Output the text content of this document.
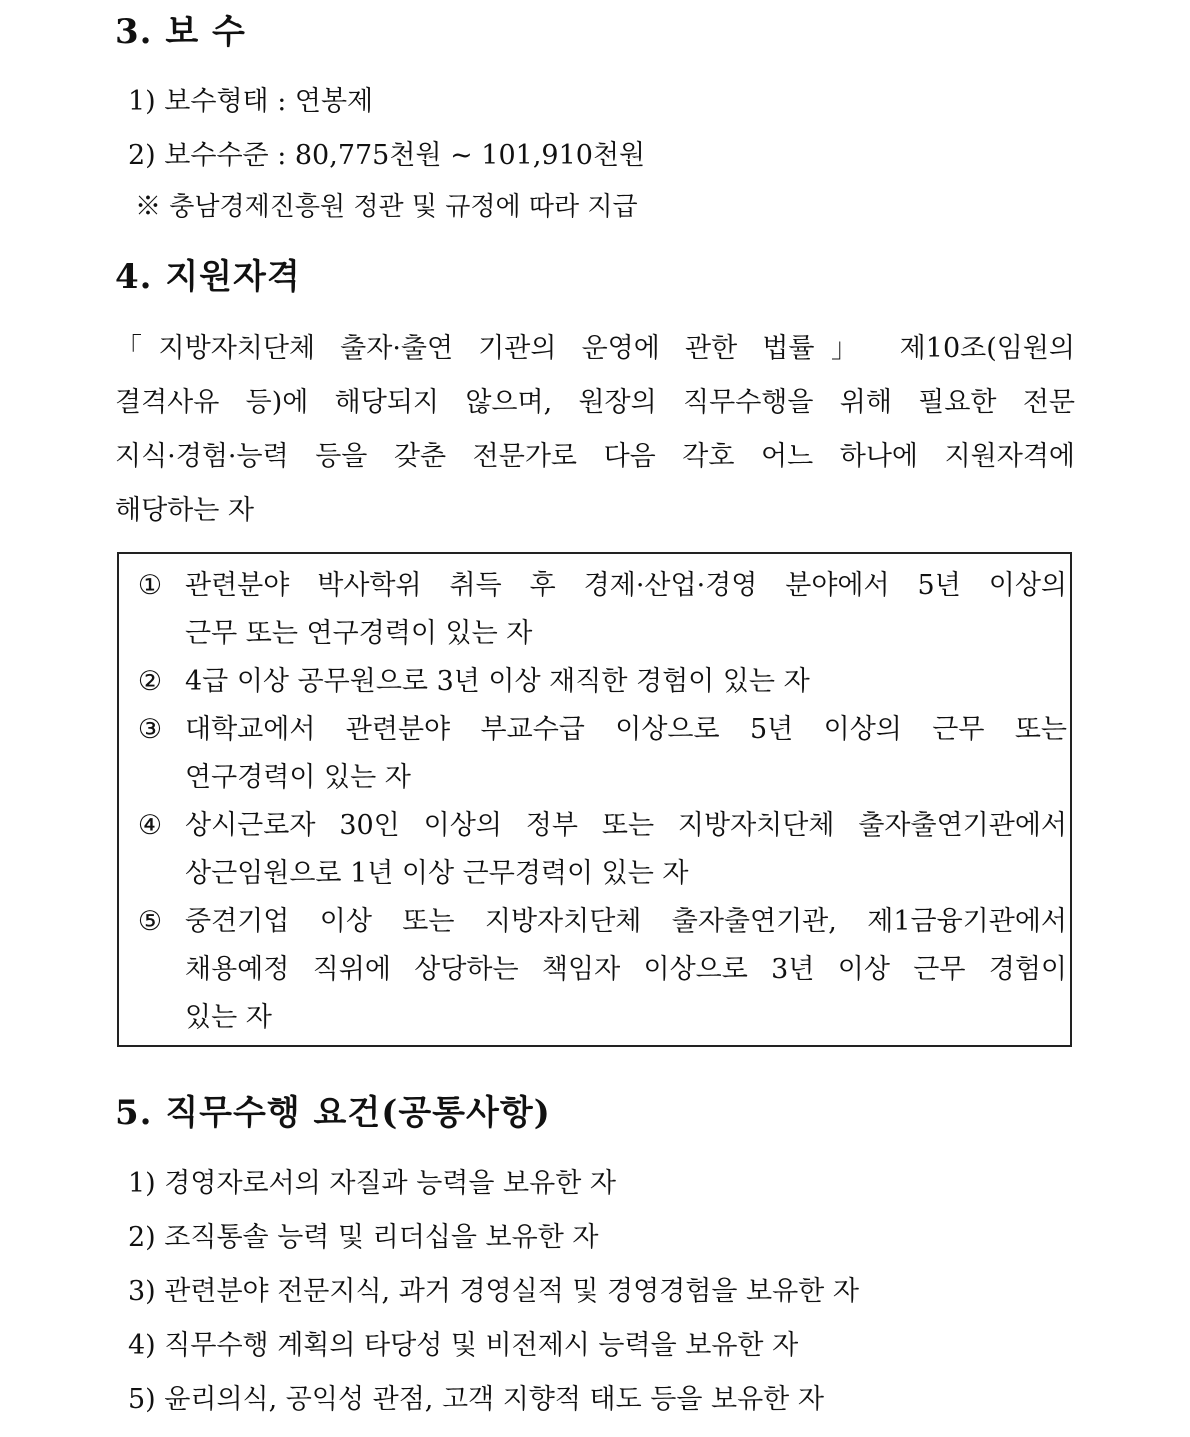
3. 보 수
1) 보수형태 : 연봉제
2) 보수수준 : 80,775천원 ~ 101,910천원
※ 충남경제진흥원 정관 및 규정에 따라 지급
4. 지원자격
「지방자치단체 출자·출연 기관의 운영에 관한 법률」 제10조(임원의
결격사유 등)에 해당되지 않으며, 원장의 직무수행을 위해 필요한 전문
지식·경험·능력 등을 갖춘 전문가로 다음 각호 어느 하나에 지원자격에
해당하는 자
① 관련분야 박사학위 취득 후 경제·산업·경영 분야에서 5년 이상의
근무 또는 연구경력이 있는 자
② 4급 이상 공무원으로 3년 이상 재직한 경험이 있는 자
③ 대학교에서 관련분야 부교수급 이상으로 5년 이상의 근무 또는
연구경력이 있는 자
④ 상시근로자 30인 이상의 정부 또는 지방자치단체 출자출연기관에서
상근임원으로 1년 이상 근무경력이 있는 자
⑤ 중견기업 이상 또는 지방자치단체 출자출연기관, 제1금융기관에서
채용예정 직위에 상당하는 책임자 이상으로 3년 이상 근무 경험이
있는 자
5. 직무수행 요건(공통사항)
1) 경영자로서의 자질과 능력을 보유한 자
2) 조직통솔 능력 및 리더십을 보유한 자
3) 관련분야 전문지식, 과거 경영실적 및 경영경험을 보유한 자
4) 직무수행 계획의 타당성 및 비전제시 능력을 보유한 자
5) 윤리의식, 공익성 관점, 고객 지향적 태도 등을 보유한 자
